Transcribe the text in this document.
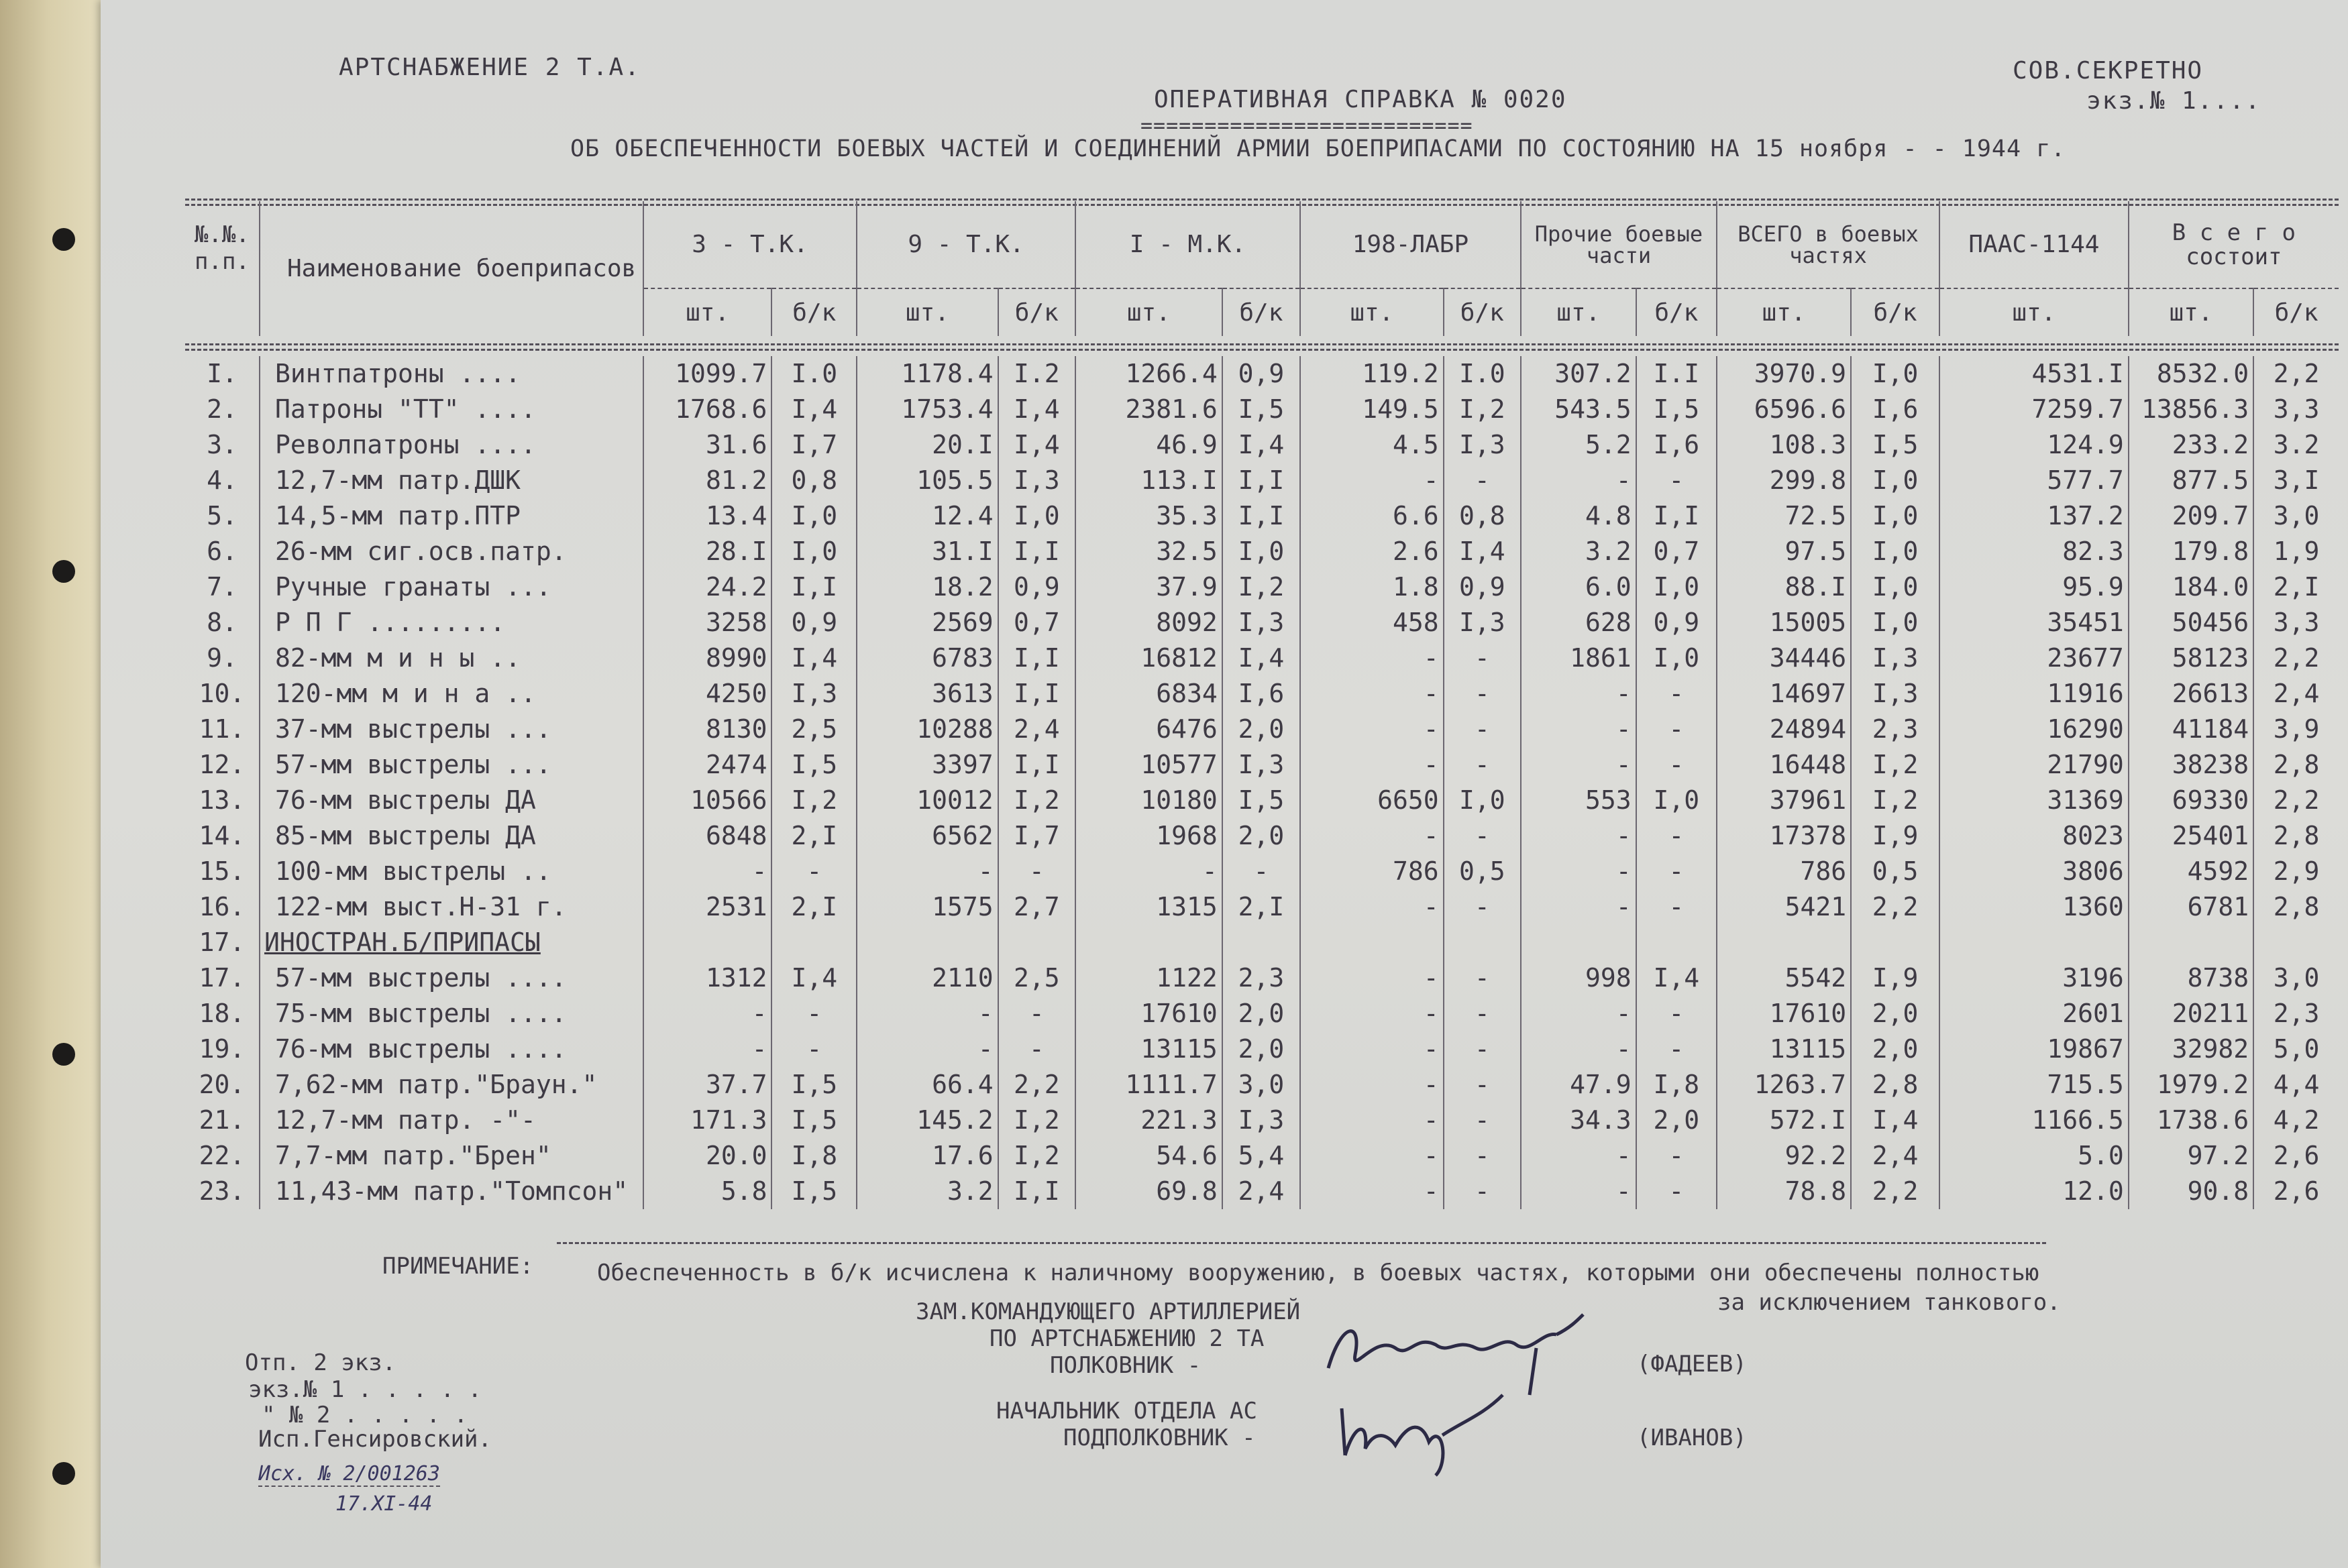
АРТСНАБЖЕНИЕ 2 Т.А.	СОВ.СЕКРЕТНО
экз.№ 1....
ОПЕРАТИВНАЯ СПРАВКА № 0020
==========================
ОБ ОБЕСПЕЧЕННОСТИ БОЕВЫХ ЧАСТЕЙ И СОЕДИНЕНИЙ АРМИИ БОЕПРИПАСАМИ ПО СОСТОЯНИЮ НА 15 ноября - - 1944 г.
№.№. п.п.	Наименование боеприпасов	3 - Т.К.		9 - Т.К.		I - М.К.		198-ЛАБР		Прочие боевые части		ВСЕГО в боевых частях		ПААС-1144	В с е г о состоит	
		шт.	б/к	шт.	б/к	шт.	б/к	шт.	б/к	шт.	б/к	шт.	б/к	шт.	шт.	б/к

I.	Винтпатроны ....	1099.7	I.0	1178.4	I.2	1266.4	0,9	119.2	I.0	307.2	I.I	3970.9	I,0	4531.I	8532.0	2,2
2.	Патроны "ТТ" ....	1768.6	I,4	1753.4	I,4	2381.6	I,5	149.5	I,2	543.5	I,5	6596.6	I,6	7259.7	13856.3	3,3
3.	Револпатроны ....	31.6	I,7	20.I	I,4	46.9	I,4	4.5	I,3	5.2	I,6	108.3	I,5	124.9	233.2	3.2
4.	12,7-мм патр.ДШК	81.2	0,8	105.5	I,3	113.I	I,I	-	-	-	-	299.8	I,0	577.7	877.5	3,I
5.	14,5-мм патр.ПТР	13.4	I,0	12.4	I,0	35.3	I,I	6.6	0,8	4.8	I,I	72.5	I,0	137.2	209.7	3,0
6.	26-мм сиг.осв.патр.	28.I	I,0	31.I	I,I	32.5	I,0	2.6	I,4	3.2	0,7	97.5	I,0	82.3	179.8	1,9
7.	Ручные гранаты ...	24.2	I,I	18.2	0,9	37.9	I,2	1.8	0,9	6.0	I,0	88.I	I,0	95.9	184.0	2,I
8.	Р П Г .........	3258	0,9	2569	0,7	8092	I,3	458	I,3	628	0,9	15005	I,0	35451	50456	3,3
9.	82-мм м и н ы ..	8990	I,4	6783	I,I	16812	I,4	-	-	1861	I,0	34446	I,3	23677	58123	2,2
10.	120-мм м и н а ..	4250	I,3	3613	I,I	6834	I,6	-	-	-	-	14697	I,3	11916	26613	2,4
11.	37-мм выстрелы ...	8130	2,5	10288	2,4	6476	2,0	-	-	-	-	24894	2,3	16290	41184	3,9
12.	57-мм выстрелы ...	2474	I,5	3397	I,I	10577	I,3	-	-	-	-	16448	I,2	21790	38238	2,8
13.	76-мм выстрелы ДА	10566	I,2	10012	I,2	10180	I,5	6650	I,0	553	I,0	37961	I,2	31369	69330	2,2
14.	85-мм выстрелы ДА	6848	2,I	6562	I,7	1968	2,0	-	-	-	-	17378	I,9	8023	25401	2,8
15.	100-мм выстрелы ..	-	-	-	-	-	-	786	0,5	-	-	786	0,5	3806	4592	2,9
16.	122-мм выст.Н-31 г.	2531	2,I	1575	2,7	1315	2,I	-	-	-	-	5421	2,2	1360	6781	2,8
17.	ИНОСТРАН.Б/ПРИПАСЫ															
17.	57-мм выстрелы ....	1312	I,4	2110	2,5	1122	2,3	-	-	998	I,4	5542	I,9	3196	8738	3,0
18.	75-мм выстрелы ....	-	-	-	-	17610	2,0	-	-	-	-	17610	2,0	2601	20211	2,3
19.	76-мм выстрелы ....	-	-	-	-	13115	2,0	-	-	-	-	13115	2,0	19867	32982	5,0
20.	7,62-мм патр."Браун."	37.7	I,5	66.4	2,2	1111.7	3,0	-	-	47.9	I,8	1263.7	2,8	715.5	1979.2	4,4
21.	12,7-мм патр. -"-	171.3	I,5	145.2	I,2	221.3	I,3	-	-	34.3	2,0	572.I	I,4	1166.5	1738.6	4,2
22.	7,7-мм патр."Брен"	20.0	I,8	17.6	I,2	54.6	5,4	-	-	-	-	92.2	2,4	5.0	97.2	2,6
23.	11,43-мм патр."Томпсон"	5.8	I,5	3.2	I,I	69.8	2,4	-	-	-	-	78.8	2,2	12.0	90.8	2,6
ПРИМЕЧАНИЕ:	Обеспеченность в б/к исчислена к наличному вооружению, в боевых частях, которыми они обеспечены полностью
за исключением танкового.
ЗАМ.КОМАНДУЮЩЕГО АРТИЛЛЕРИЕЙ
ПО АРТСНАБЖЕНИЮ 2 ТА
ПОЛКОВНИК -	(ФАДЕЕВ)
НАЧАЛЬНИК ОТДЕЛА АС
ПОДПОЛКОВНИК -	(ИВАНОВ)
Отп. 2 экз.
экз.№ 1 . . . . .
" № 2 . . . . .
Исп.Генсировский.
Исх. № 2/001263
17.XI-44
